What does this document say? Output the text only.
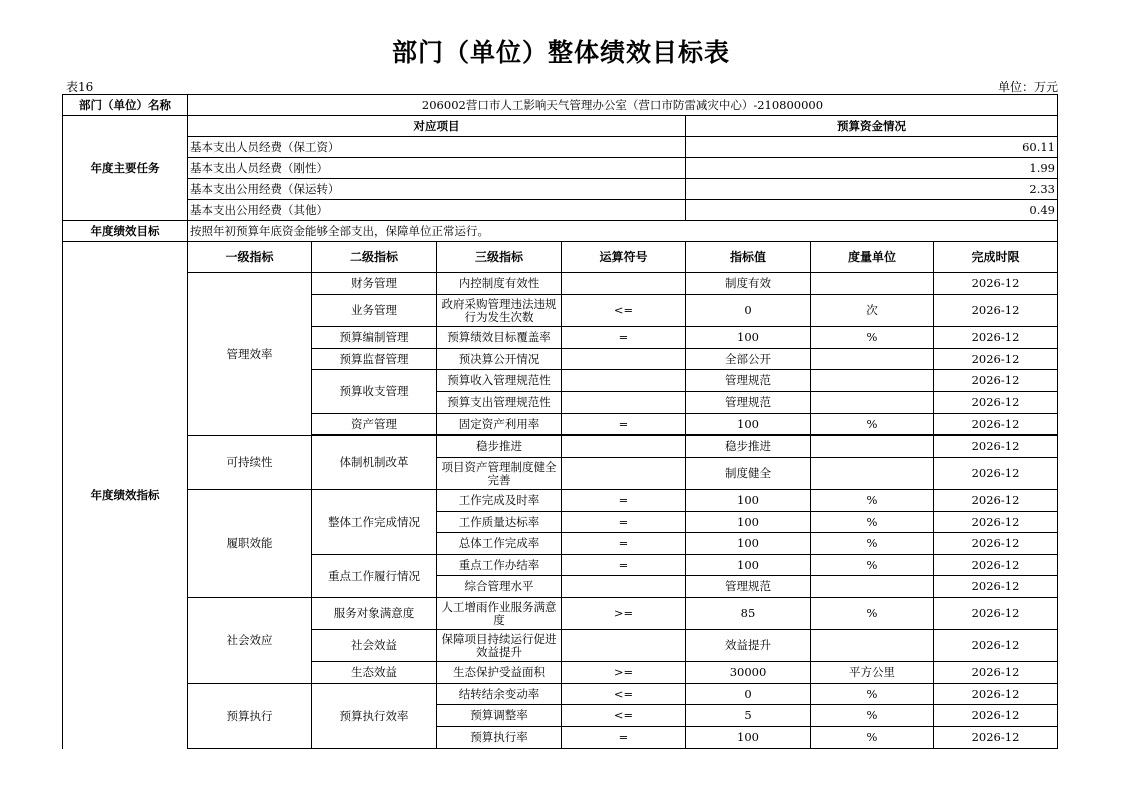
部门（单位）整体绩效目标表
表16	单位：万元
部门（单位）名称	206002营口市人工影响天气管理办公室（营口市防雷减灾中心）-210800000						
年度主要任务	对应项目				预算资金情况		
	基本支出人员经费（保工资）				60.11		
	基本支出人员经费（刚性）				1.99		
	基本支出公用经费（保运转）				2.33		
	基本支出公用经费（其他）				0.49		
年度绩效目标	按照年初预算年底资金能够全部支出，保障单位正常运行。						
年度绩效指标	一级指标	二级指标	三级指标	运算符号	指标值	度量单位	完成时限
	管理效率	财务管理	内控制度有效性		制度有效		2026-12
		业务管理	政府采购管理违法违规行为发生次数	<=	0	次	2026-12
		预算编制管理	预算绩效目标覆盖率	=	100	%	2026-12
		预算监督管理	预决算公开情况		全部公开		2026-12
		预算收支管理	预算收入管理规范性		管理规范		2026-12
			预算支出管理规范性		管理规范		2026-12
		资产管理	固定资产利用率	=	100	%	2026-12

	可持续性	体制机制改革	稳步推进		稳步推进		2026-12
			项目资产管理制度健全完善		制度健全		2026-12
	履职效能	整体工作完成情况	工作完成及时率	=	100	%	2026-12
			工作质量达标率	=	100	%	2026-12
			总体工作完成率	=	100	%	2026-12
		重点工作履行情况	重点工作办结率	=	100	%	2026-12
			综合管理水平		管理规范		2026-12
	社会效应	服务对象满意度	人工增雨作业服务满意度	>=	85	%	2026-12
		社会效益	保障项目持续运行促进效益提升		效益提升		2026-12
		生态效益	生态保护受益面积	>=	30000	平方公里	2026-12
	预算执行	预算执行效率	结转结余变动率	<=	0	%	2026-12
			预算调整率	<=	5	%	2026-12
			预算执行率	=	100	%	2026-12
